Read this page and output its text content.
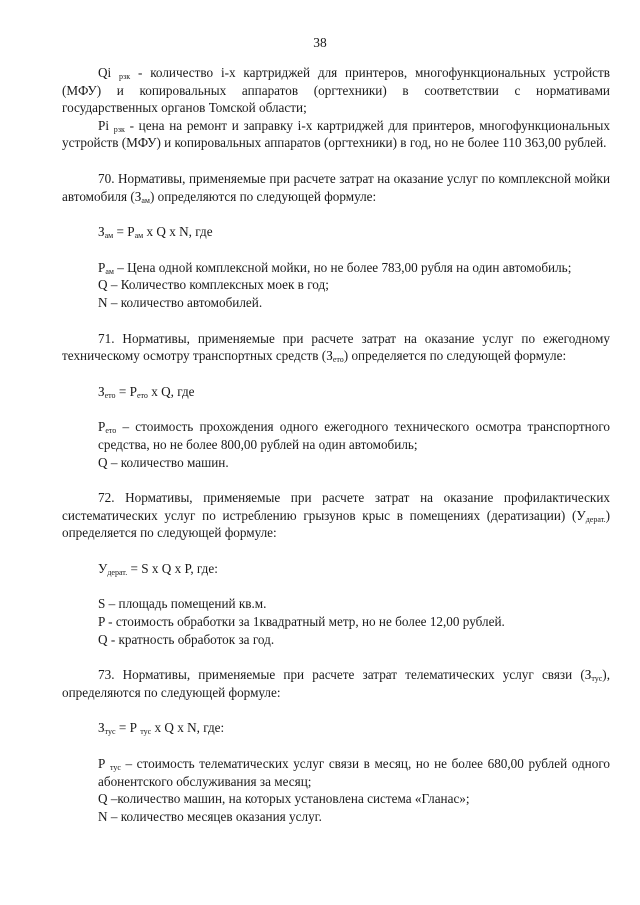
38

Qi $_{рзк}$ - количество i-х картриджей для принтеров, многофункциональных устройств (МФУ) и копировальных аппаратов (оргтехники) в соответствии с нормативами государственных органов Томской области;

Pi $_{рзк}$ - цена на ремонт и заправку i-х картриджей для принтеров, многофункциональных устройств (МФУ) и копировальных аппаратов (оргтехники) в год, но не более 110 363,00 рублей.

70. Нормативы, применяемые при расчете затрат на оказание услуг по комплексной мойки автомобиля $(З_{ам})$ определяются по следующей формуле:

$З_{ам} = Р_{ам}$ x Q x N, где

$Р_{ам}$ – Цена одной комплексной мойки, но не более 783,00 рубля на один автомобиль;

Q – Количество комплексных моек в год;

N – количество автомобилей.

71. Нормативы, применяемые при расчете затрат на оказание услуг по ежегодному техническому осмотру транспортных средств $(З_{ето})$ определяется по следующей формуле:

$З_{ето} = Р_{ето}$ x Q, где

$Р_{ето}$ – стоимость прохождения одного ежегодного технического осмотра транспортного средства, но не более 800,00 рублей на один автомобиль;

Q – количество машин.

72. Нормативы, применяемые при расчете затрат на оказание профилактических систематических услуг по истреблению грызунов крыс в помещениях (дератизации) $(У_{дерат.})$ определяется по следующей формуле:

$У_{дерат.} = S$ x Q x P, где:

S – площадь помещений кв.м.

P - стоимость обработки за 1квадратный метр, но не более 12,00 рублей.

Q - кратность обработок за год.

73. Нормативы, применяемые при расчете затрат телематических услуг связи $(З_{тус})$, определяются по следующей формуле:

$З_{тус} = Р$ $_{тус}$ x Q x N, где:

Р $_{тус}$ – стоимость телематических услуг связи в месяц, но не более 680,00 рублей одного абонентского обслуживания за месяц;

Q –количество машин, на которых установлена система «Гланас»;

N – количество месяцев оказания услуг.
